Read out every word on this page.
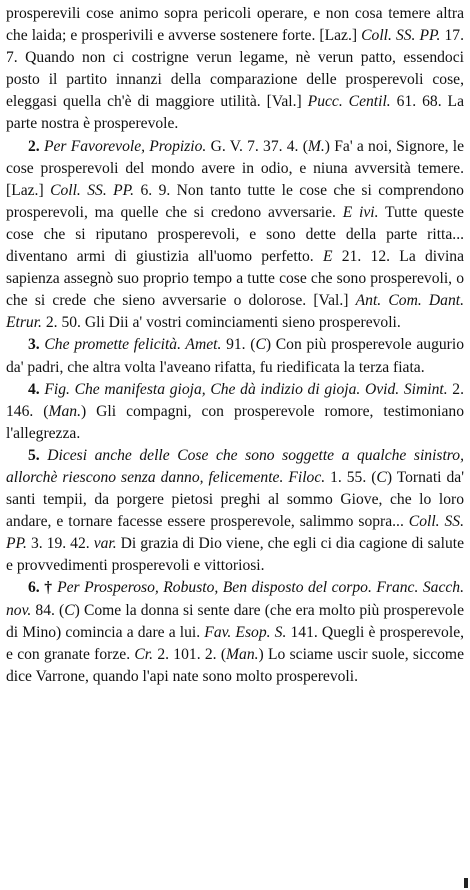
prosperevili cose animo sopra pericoli operare, e non cosa temere altra che laida; e prosperivili e avverse sostenere forte. [Laz.] Coll. SS. PP. 17. 7. Quando non ci costrigne verun legame, nè verun patto, essendoci posto il partito innanzi della comparazione delle prosperevoli cose, eleggasi quella ch'è di maggiore utilità. [Val.] Pucc. Centil. 61. 68. La parte nostra è prosperevole.

2. Per Favorevole, Propizio. G. V. 7. 37. 4. (M.) Fa' a noi, Signore, le cose prosperevoli del mondo avere in odio, e niuna avversità temere. [Laz.] Coll. SS. PP. 6. 9. Non tanto tutte le cose che si comprendono prosperevoli, ma quelle che si credono avversarie. E ivi. Tutte queste cose che si riputano prosperevoli, e sono dette della parte ritta... diventano armi di giustizia all'uomo perfetto. E 21. 12. La divina sapienza assegnò suo proprio tempo a tutte cose che sono prosperevoli, o che si crede che sieno avversarie o dolorose. [Val.] Ant. Com. Dant. Etrur. 2. 50. Gli Dii a' vostri cominciamenti sieno prosperevoli.

3. Che promette felicità. Amet. 91. (C) Con più prosperevole augurio da' padri, che altra volta l'aveano rifatta, fu riedificata la terza fiata.

4. Fig. Che manifesta gioja, Che dà indizio di gioja. Ovid. Simint. 2. 146. (Man.) Gli compagni, con prosperevole romore, testimoniano l'allegrezza.

5. Dicesi anche delle Cose che sono soggette a qualche sinistro, allorchè riescono senza danno, felicemente. Filoc. 1. 55. (C) Tornati da' santi tempii, da porgere pietosi preghi al sommo Giove, che lo loro andare, e tornare facesse essere prosperevole, salimmo sopra... Coll. SS. PP. 3. 19. 42. var. Di grazia di Dio viene, che egli ci dia cagione di salute e provvedimenti prosperevoli e vittoriosi.

6. † Per Prosperoso, Robusto, Ben disposto del corpo. Franc. Sacch. nov. 84. (C) Come la donna si sente dare (che era molto più prosperevole di Mino) comincia a dare a lui. Fav. Esop. S. 141. Quegli è prosperevole, e con granate forze. Cr. 2. 101. 2. (Man.) Lo sciame uscir suole, siccome dice Varrone, quando l'api nate sono molto prosperevoli.
